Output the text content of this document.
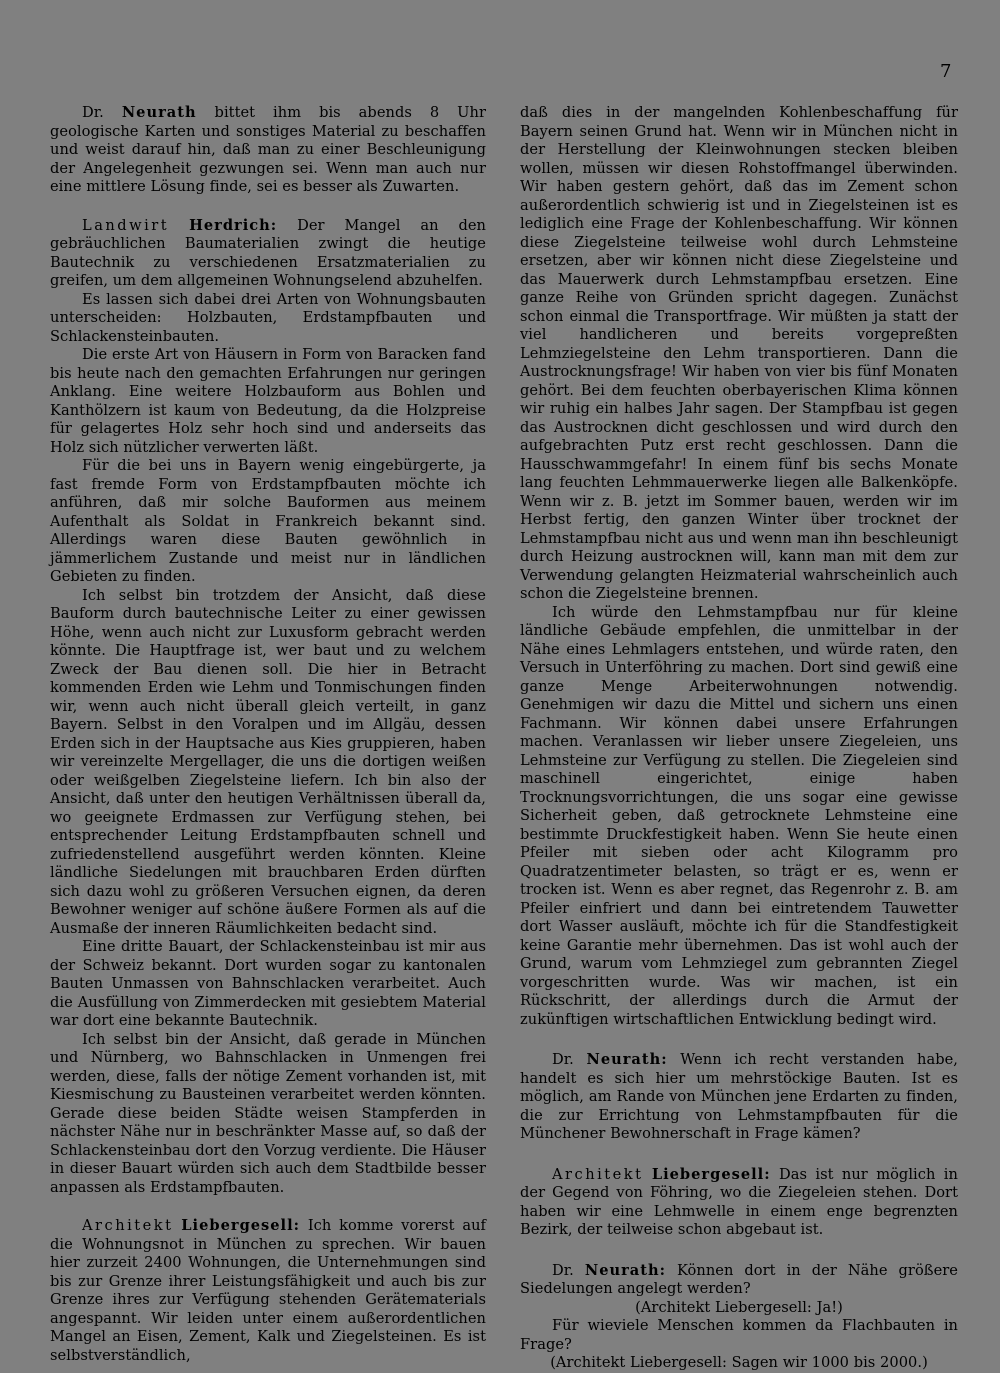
7

Dr. Neurath bittet ihm bis abends 8 Uhr geologische Karten und sonstiges Material zu beschaffen und weist darauf hin, daß man zu einer Beschleunigung der Angelegenheit gezwungen sei. Wenn man auch nur eine mittlere Lösung finde, sei es besser als Zuwarten.

Landwirt Herdrich: Der Mangel an den gebräuchlichen Baumaterialien zwingt die heutige Bautechnik zu verschiedenen Ersatzmaterialien zu greifen, um dem allgemeinen Wohnungselend abzuhelfen.

Es lassen sich dabei drei Arten von Wohnungsbauten unterscheiden: Holzbauten, Erdstampfbauten und Schlackensteinbauten.

Die erste Art von Häusern in Form von Baracken fand bis heute nach den gemachten Erfahrungen nur geringen Anklang. Eine weitere Holzbauform aus Bohlen und Kanthölzern ist kaum von Bedeutung, da die Holzpreise für gelagertes Holz sehr hoch sind und anderseits das Holz sich nützlicher verwerten läßt.

Für die bei uns in Bayern wenig eingebürgerte, ja fast fremde Form von Erdstampfbauten möchte ich anführen, daß mir solche Bauformen aus meinem Aufenthalt als Soldat in Frankreich bekannt sind. Allerdings waren diese Bauten gewöhnlich in jämmerlichem Zustande und meist nur in ländlichen Gebieten zu finden.

Ich selbst bin trotzdem der Ansicht, daß diese Bauform durch bautechnische Leiter zu einer gewissen Höhe, wenn auch nicht zur Luxusform gebracht werden könnte. Die Hauptfrage ist, wer baut und zu welchem Zweck der Bau dienen soll. Die hier in Betracht kommenden Erden wie Lehm und Tonmischungen finden wir, wenn auch nicht überall gleich verteilt, in ganz Bayern. Selbst in den Voralpen und im Allgäu, dessen Erden sich in der Hauptsache aus Kies gruppieren, haben wir vereinzelte Mergellager, die uns die dortigen weißen oder weißgelben Ziegelsteine liefern. Ich bin also der Ansicht, daß unter den heutigen Verhältnissen überall da, wo geeignete Erdmassen zur Verfügung stehen, bei entsprechender Leitung Erdstampfbauten schnell und zufriedenstellend ausgeführt werden könnten. Kleine ländliche Siedelungen mit brauchbaren Erden dürften sich dazu wohl zu größeren Versuchen eignen, da deren Bewohner weniger auf schöne äußere Formen als auf die Ausmaße der inneren Räumlichkeiten bedacht sind.

Eine dritte Bauart, der Schlackensteinbau ist mir aus der Schweiz bekannt. Dort wurden sogar zu kantonalen Bauten Unmassen von Bahnschlacken verarbeitet. Auch die Ausfüllung von Zimmerdecken mit gesiebtem Material war dort eine bekannte Bautechnik.

Ich selbst bin der Ansicht, daß gerade in München und Nürnberg, wo Bahnschlacken in Unmengen frei werden, diese, falls der nötige Zement vorhanden ist, mit Kiesmischung zu Bausteinen verarbeitet werden könnten. Gerade diese beiden Städte weisen Stampferden in nächster Nähe nur in beschränkter Masse auf, so daß der Schlackensteinbau dort den Vorzug verdiente. Die Häuser in dieser Bauart würden sich auch dem Stadtbilde besser anpassen als Erdstampfbauten.

Architekt Liebergesell: Ich komme vorerst auf die Wohnungsnot in München zu sprechen. Wir bauen hier zurzeit 2400 Wohnungen, die Unternehmungen sind bis zur Grenze ihrer Leistungsfähigkeit und auch bis zur Grenze ihres zur Verfügung stehenden Gerätematerials angespannt. Wir leiden unter einem außerordentlichen Mangel an Eisen, Zement, Kalk und Ziegelsteinen. Es ist selbstverständlich,

daß dies in der mangelnden Kohlenbeschaffung für Bayern seinen Grund hat. Wenn wir in München nicht in der Herstellung der Kleinwohnungen stecken bleiben wollen, müssen wir diesen Rohstoffmangel überwinden. Wir haben gestern gehört, daß das im Zement schon außerordentlich schwierig ist und in Ziegelsteinen ist es lediglich eine Frage der Kohlenbeschaffung. Wir können diese Ziegelsteine teilweise wohl durch Lehmsteine ersetzen, aber wir können nicht diese Ziegelsteine und das Mauerwerk durch Lehmstampfbau ersetzen. Eine ganze Reihe von Gründen spricht dagegen. Zunächst schon einmal die Transportfrage. Wir müßten ja statt der viel handlicheren und bereits vorgepreßten Lehmziegelsteine den Lehm transportieren. Dann die Austrocknungsfrage! Wir haben von vier bis fünf Monaten gehört. Bei dem feuchten oberbayerischen Klima können wir ruhig ein halbes Jahr sagen. Der Stampfbau ist gegen das Austrocknen dicht geschlossen und wird durch den aufgebrachten Putz erst recht geschlossen. Dann die Hausschwammgefahr! In einem fünf bis sechs Monate lang feuchten Lehmmauerwerke liegen alle Balkenköpfe. Wenn wir z. B. jetzt im Sommer bauen, werden wir im Herbst fertig, den ganzen Winter über trocknet der Lehmstampfbau nicht aus und wenn man ihn beschleunigt durch Heizung austrocknen will, kann man mit dem zur Verwendung gelangten Heizmaterial wahrscheinlich auch schon die Ziegelsteine brennen.

Ich würde den Lehmstampfbau nur für kleine ländliche Gebäude empfehlen, die unmittelbar in der Nähe eines Lehmlagers entstehen, und würde raten, den Versuch in Unterföhring zu machen. Dort sind gewiß eine ganze Menge Arbeiterwohnungen notwendig. Genehmigen wir dazu die Mittel und sichern uns einen Fachmann. Wir können dabei unsere Erfahrungen machen. Veranlassen wir lieber unsere Ziegeleien, uns Lehmsteine zur Verfügung zu stellen. Die Ziegeleien sind maschinell eingerichtet, einige haben Trocknungsvorrichtungen, die uns sogar eine gewisse Sicherheit geben, daß getrocknete Lehmsteine eine bestimmte Druckfestigkeit haben. Wenn Sie heute einen Pfeiler mit sieben oder acht Kilogramm pro Quadratzentimeter belasten, so trägt er es, wenn er trocken ist. Wenn es aber regnet, das Regenrohr z. B. am Pfeiler einfriert und dann bei eintretendem Tauwetter dort Wasser ausläuft, möchte ich für die Standfestigkeit keine Garantie mehr übernehmen. Das ist wohl auch der Grund, warum vom Lehmziegel zum gebrannten Ziegel vorgeschritten wurde. Was wir machen, ist ein Rückschritt, der allerdings durch die Armut der zukünftigen wirtschaftlichen Entwicklung bedingt wird.

Dr. Neurath: Wenn ich recht verstanden habe, handelt es sich hier um mehrstöckige Bauten. Ist es möglich, am Rande von München jene Erdarten zu finden, die zur Errichtung von Lehmstampfbauten für die Münchener Bewohnerschaft in Frage kämen?

Architekt Liebergesell: Das ist nur möglich in der Gegend von Föhring, wo die Ziegeleien stehen. Dort haben wir eine Lehmwelle in einem enge begrenzten Bezirk, der teilweise schon abgebaut ist.

Dr. Neurath: Können dort in der Nähe größere Siedelungen angelegt werden?

(Architekt Liebergesell: Ja!)

Für wieviele Menschen kommen da Flachbauten in Frage?

(Architekt Liebergesell: Sagen wir 1000 bis 2000.)
